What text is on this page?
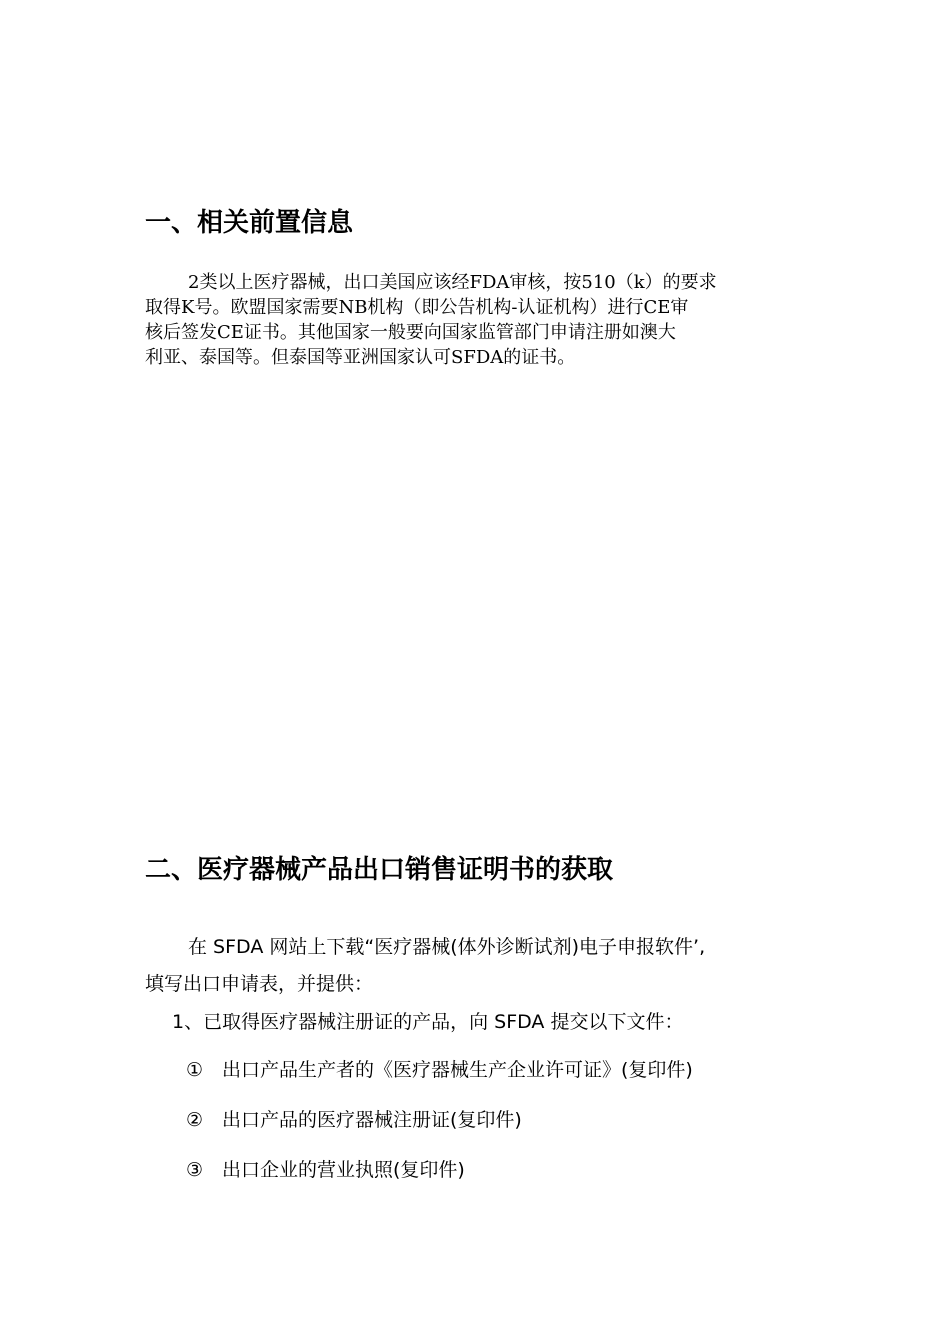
一、相关前置信息
2类以上医疗器械，出口美国应该经FDA审核，按510（k）的要求
取得K号。欧盟国家需要NB机构（即公告机构-认证机构）进行CE审
核后签发CE证书。其他国家一般要向国家监管部门申请注册如澳大
利亚、泰国等。但泰国等亚洲国家认可SFDA的证书。
二、医疗器械产品出口销售证明书的获取

在 SFDA 网站上下载“医疗器械(体外诊断试剂)电子申报软件’,

填写出口申请表，并提供：

1、已取得医疗器械注册证的产品，向 SFDA 提交以下文件：

① 出口产品生产者的《医疗器械生产企业许可证》(复印件)
② 出口产品的医疗器械注册证(复印件)
③ 出口企业的营业执照(复印件)
